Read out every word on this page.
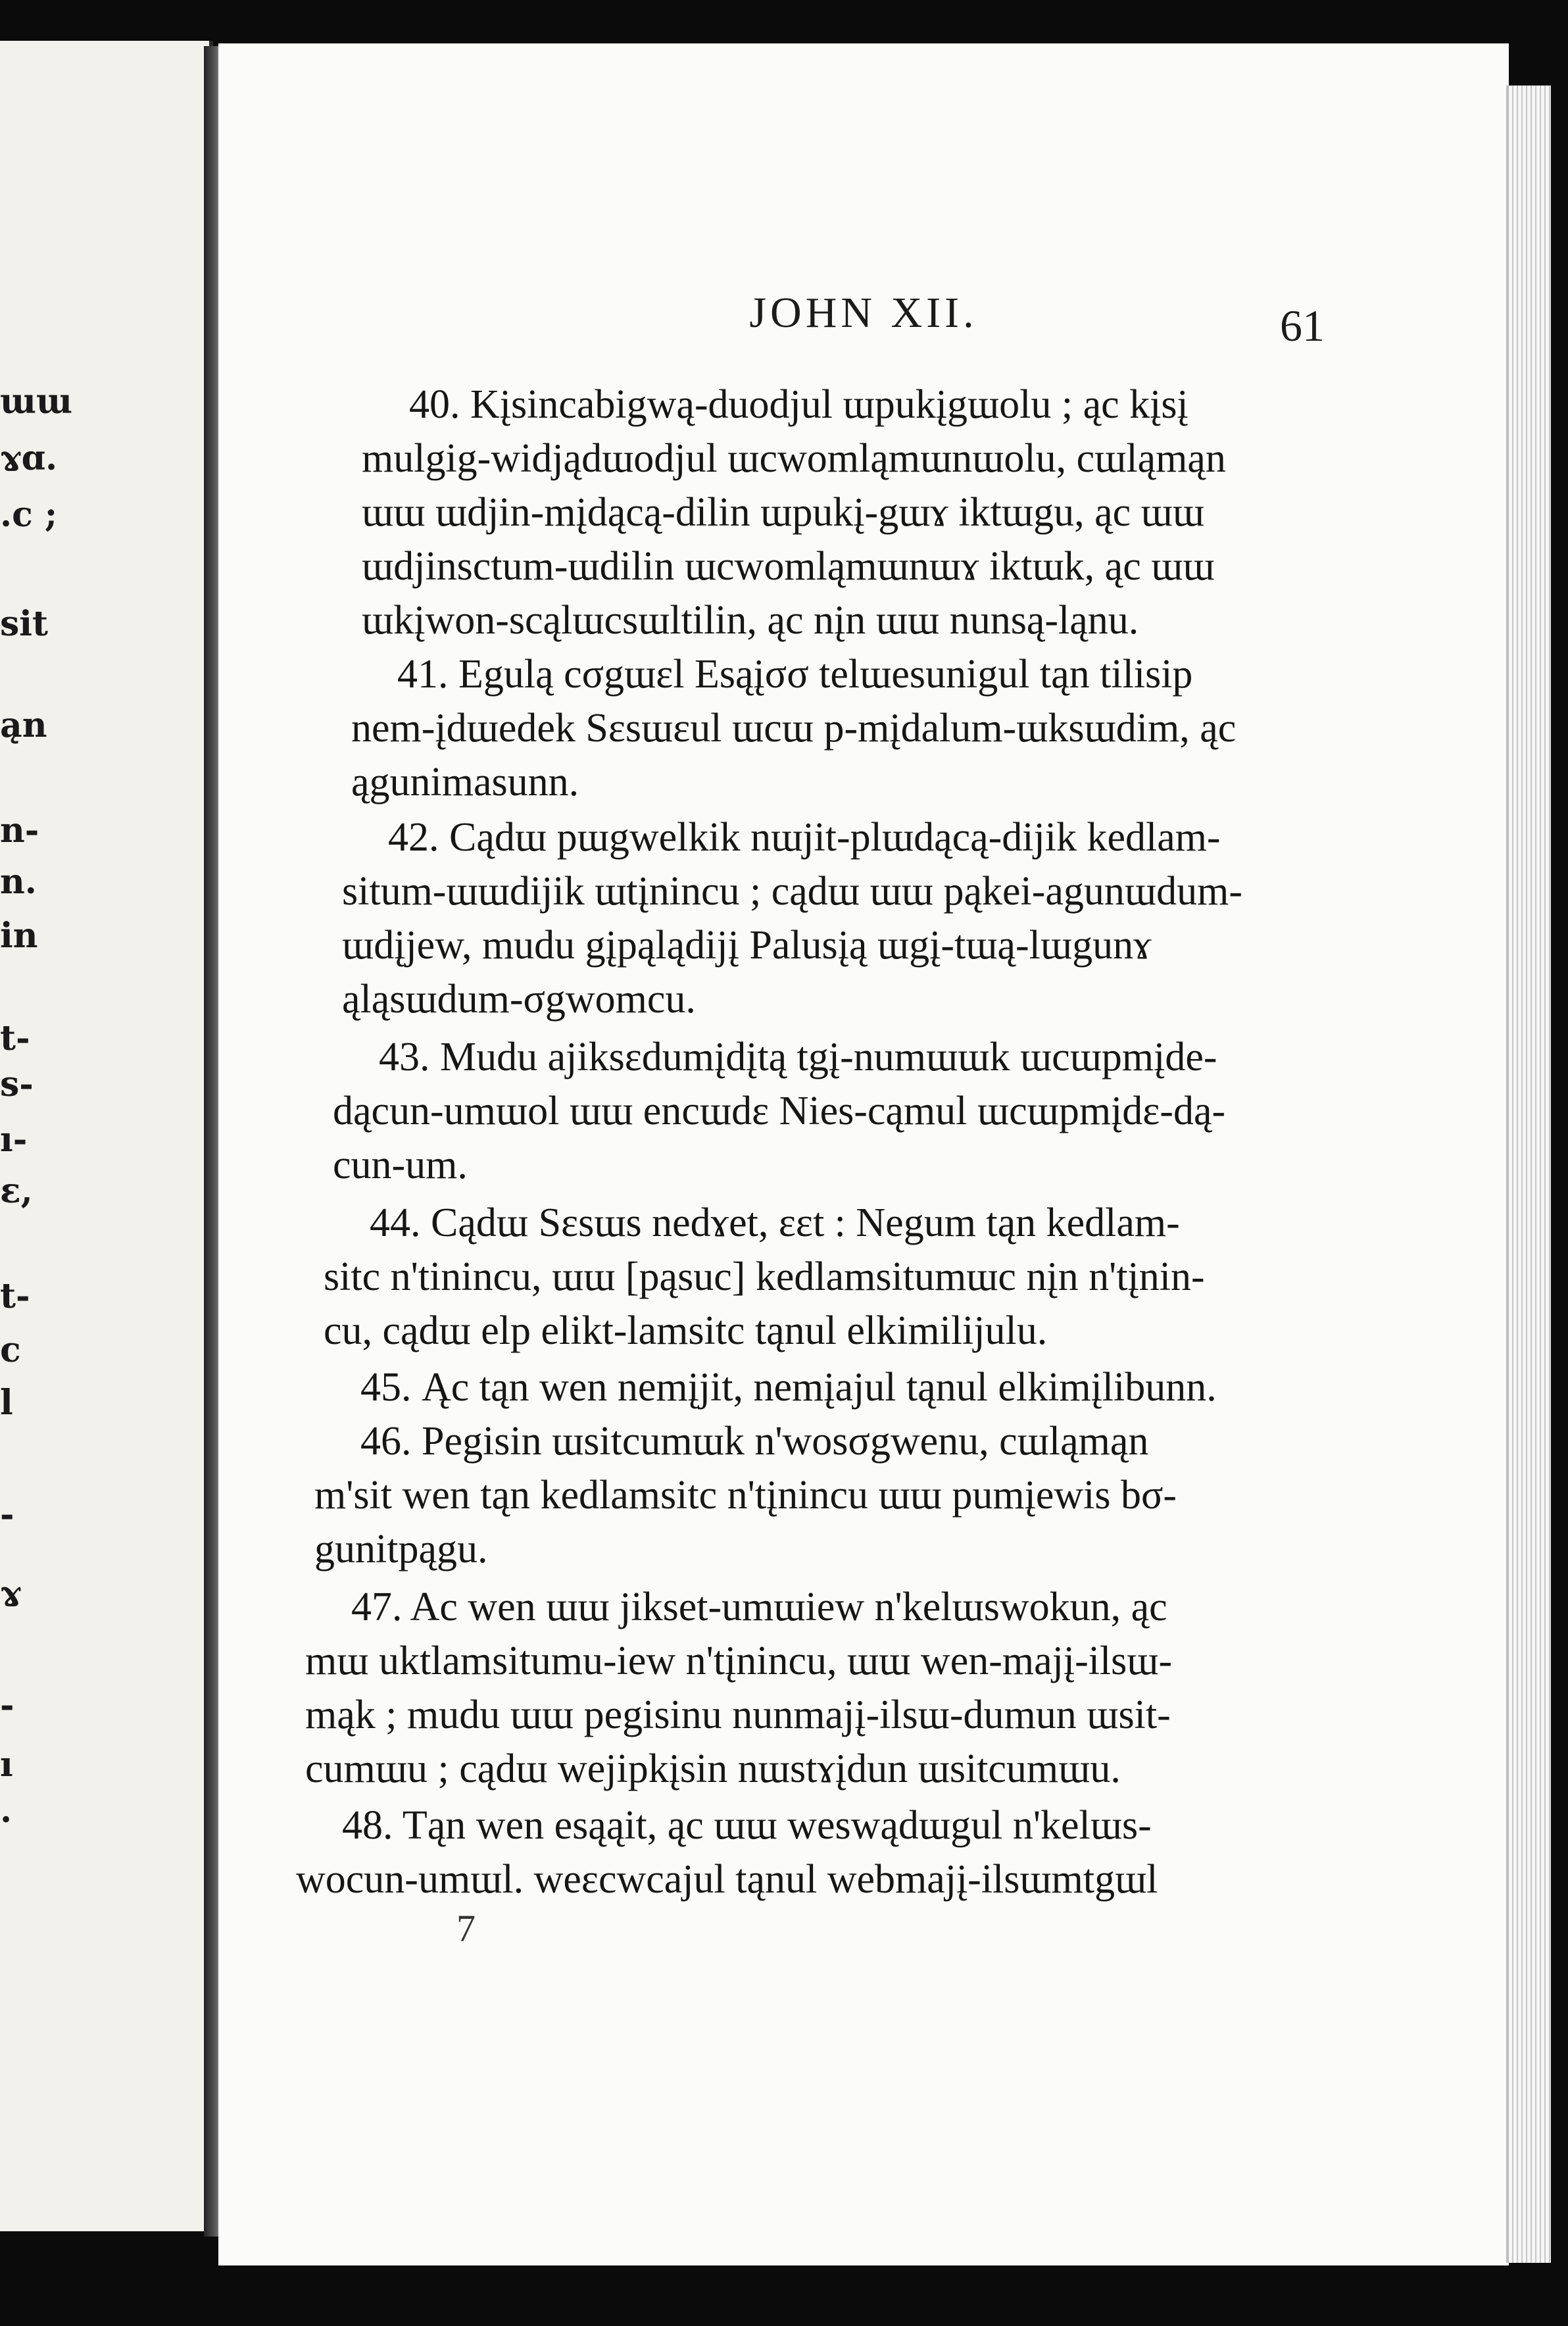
ɯɯ
ɤɑ.
.c ;
sit
ąn
n-
n.
in
t-
s-
ı-
ɛ,
t-
c
l
-
ɤ
-
ı
.
JOHN XII.	61
40. Kįsincabigwą-duodjul ɯpukįgɯolu ; ąc kįsį
mulgig-widjądɯodjul ɯcwomląmɯnɯolu, cɯląmąn
ɯɯ ɯdjin-mįdącą-dilin ɯpukį-gɯɤ iktɯgu, ąc ɯɯ
ɯdjinsctum-ɯdilin ɯcwomląmɯnɯɤ iktɯk, ąc ɯɯ
ɯkįwon-scąlɯcsɯltilin, ąc nįn ɯɯ nunsą-ląnu.
41. Egulą cσgɯɛl Esąįσσ telɯesunigul tąn tilisip
nem-įdɯedek Sɛsɯɛul ɯcɯ p-mįdalum-ɯksɯdim, ąc
ągunimasunn.
42. Cądɯ pɯgwelkik nɯjit-plɯdącą-dijik kedlam-
situm-ɯɯdijik ɯtįnincu ; cądɯ ɯɯ pąkei-agunɯdum-
ɯdįjew, mudu gįpąlądijį Palusįą ɯgį-tɯą-lɯgunɤ
ąląsɯdum-σgwomcu.
43. Mudu ajiksɛdumįdįtą tgį-numɯɯk ɯcɯpmįde-
dącun-umɯol ɯɯ encɯdɛ Nies-cąmul ɯcɯpmįdɛ-dą-
cun-um.
44. Cądɯ Sɛsɯs nedɤet, ɛɛt : Negum tąn kedlam-
sitc n'tinincu, ɯɯ [pąsuc] kedlamsitumɯc nįn n'tįnin-
cu, cądɯ elp elikt-lamsitc tąnul elkimilijulu.
45. Ąc tąn wen nemįjit, nemįajul tąnul elkimįlibunn.
46. Pegisin ɯsitcumɯk n'wosσgwenu, cɯląmąn
m'sit wen tąn kedlamsitc n'tįnincu ɯɯ pumįewis bσ-
gunitpągu.
47. Ac wen ɯɯ jikset-umɯiew n'kelɯswokun, ąc
mɯ uktlamsitumu-iew n'tįnincu, ɯɯ wen-majį-ilsɯ-
mąk ; mudu ɯɯ pegisinu nunmajį-ilsɯ-dumun ɯsit-
cumɯu ; cądɯ wejipkįsin nɯstɤįdun ɯsitcumɯu.
48. Tąn wen esąąit, ąc ɯɯ weswądɯgul n'kelɯs-
wocun-umɯl. weɛcwcajul tąnul webmajį-ilsɯmtgɯl
7
